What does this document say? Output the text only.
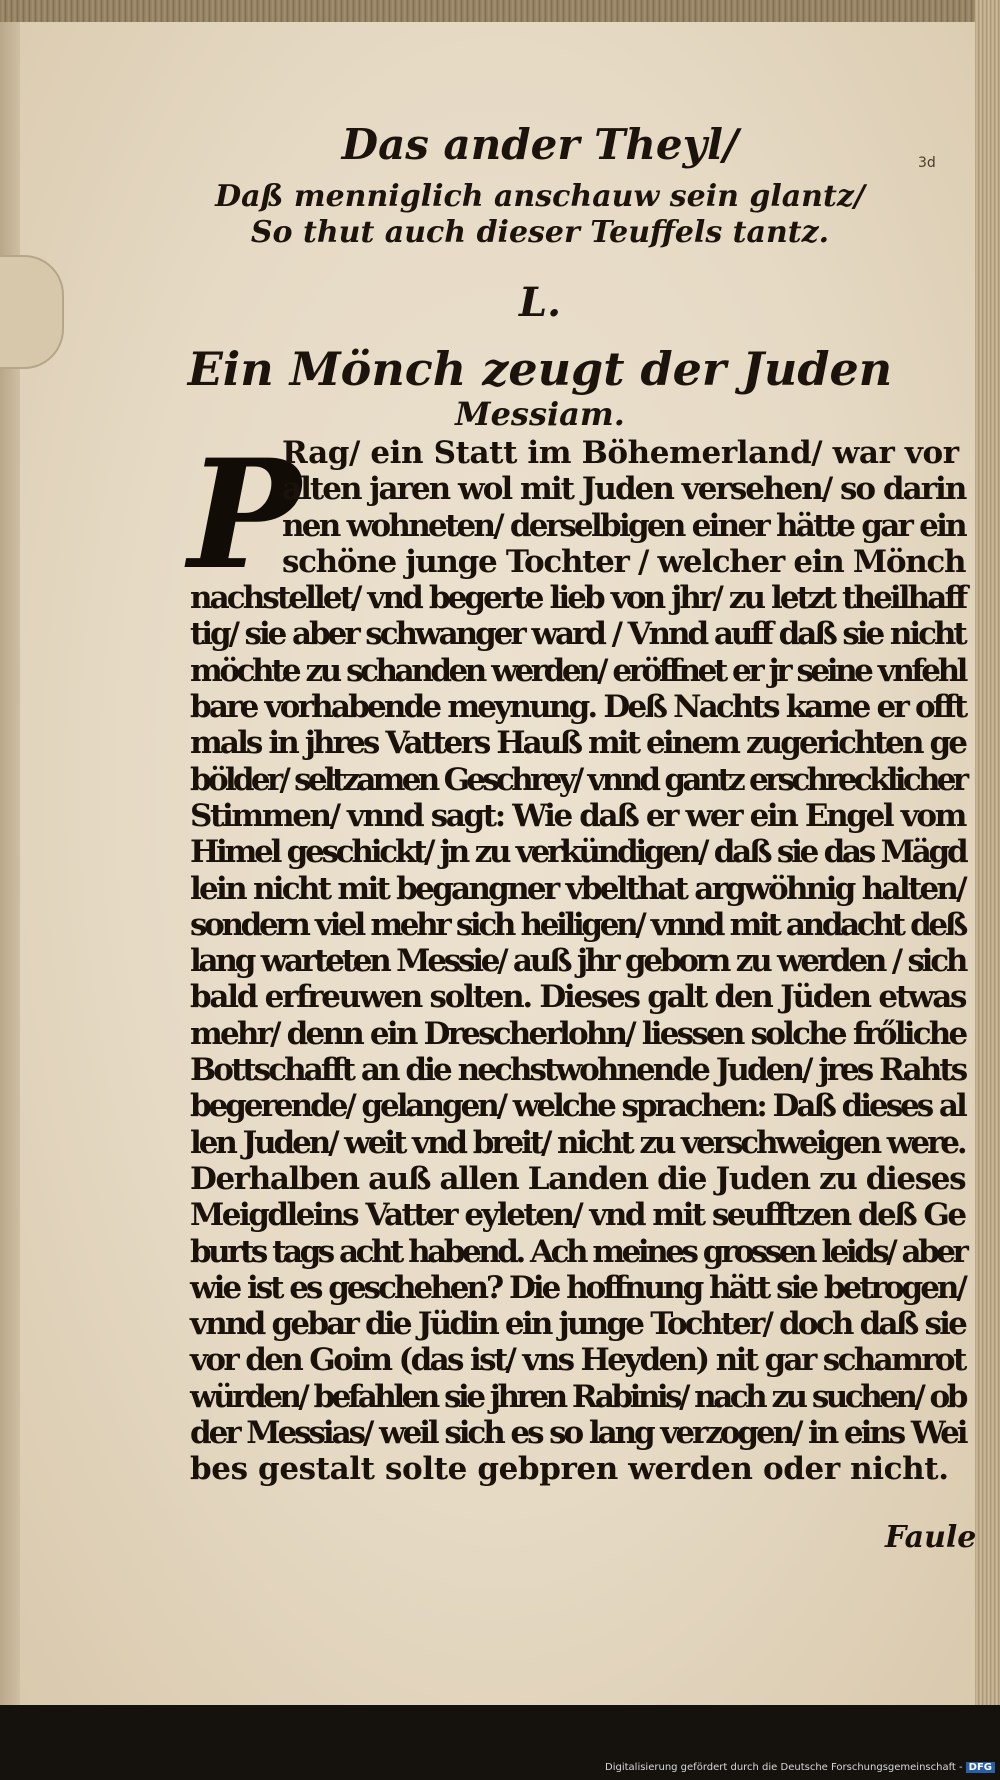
3d
Das ander Theyl/
Daß menniglich anschauw sein glantz/
So thut auch dieser Teuffels tantz.
L.
Ein Mönch zeugt der Juden
Messiam.
P
Rag/ ein Statt im Böhemerland/ war vor
alten jaren wol mit Juden versehen/ so darin
nen wohneten/ derselbigen einer hätte gar ein
schöne junge Tochter / welcher ein Mönch
nachstellet/ vnd begerte lieb von jhr/ zu letzt theilhaff
tig/ sie aber schwanger ward / Vnnd auff daß sie nicht
möchte zu schanden werden/ eröffnet er jr seine vnfehl
bare vorhabende meynung. Deß Nachts kame er offt
mals in jhres Vatters Hauß mit einem zugerichten ge
bölder/ seltzamen Geschrey/ vnnd gantz erschrecklicher
Stimmen/ vnnd sagt: Wie daß er wer ein Engel vom
Himel geschickt/ jn zu verkündigen/ daß sie das Mägd
lein nicht mit begangner vbelthat argwöhnig halten/
sondern viel mehr sich heiligen/ vnnd mit andacht deß
lang warteten Messie/ auß jhr geborn zu werden / sich
bald erfreuwen solten. Dieses galt den Jüden etwas
mehr/ denn ein Drescherlohn/ liessen solche frőliche
Bottschafft an die nechstwohnende Juden/ jres Rahts
begerende/ gelangen/ welche sprachen: Daß dieses al
len Juden/ weit vnd breit/ nicht zu verschweigen were.
Derhalben auß allen Landen die Juden zu dieses
Meigdleins Vatter eyleten/ vnd mit seufftzen deß Ge
burts tags acht habend. Ach meines grossen leids/ aber
wie ist es geschehen? Die hoffnung hätt sie betrogen/
vnnd gebar die Jüdin ein junge Tochter/ doch daß sie
vor den Goim (das ist/ vns Heyden) nit gar schamrot
würden/ befahlen sie jhren Rabinis/ nach zu suchen/ ob
der Messias/ weil sich es so lang verzogen/ in eins Wei
bes gestalt solte gebpren werden oder nicht.
Faule
Digitalisierung gefördert durch die Deutsche Forschungsgemeinschaft - DFG
